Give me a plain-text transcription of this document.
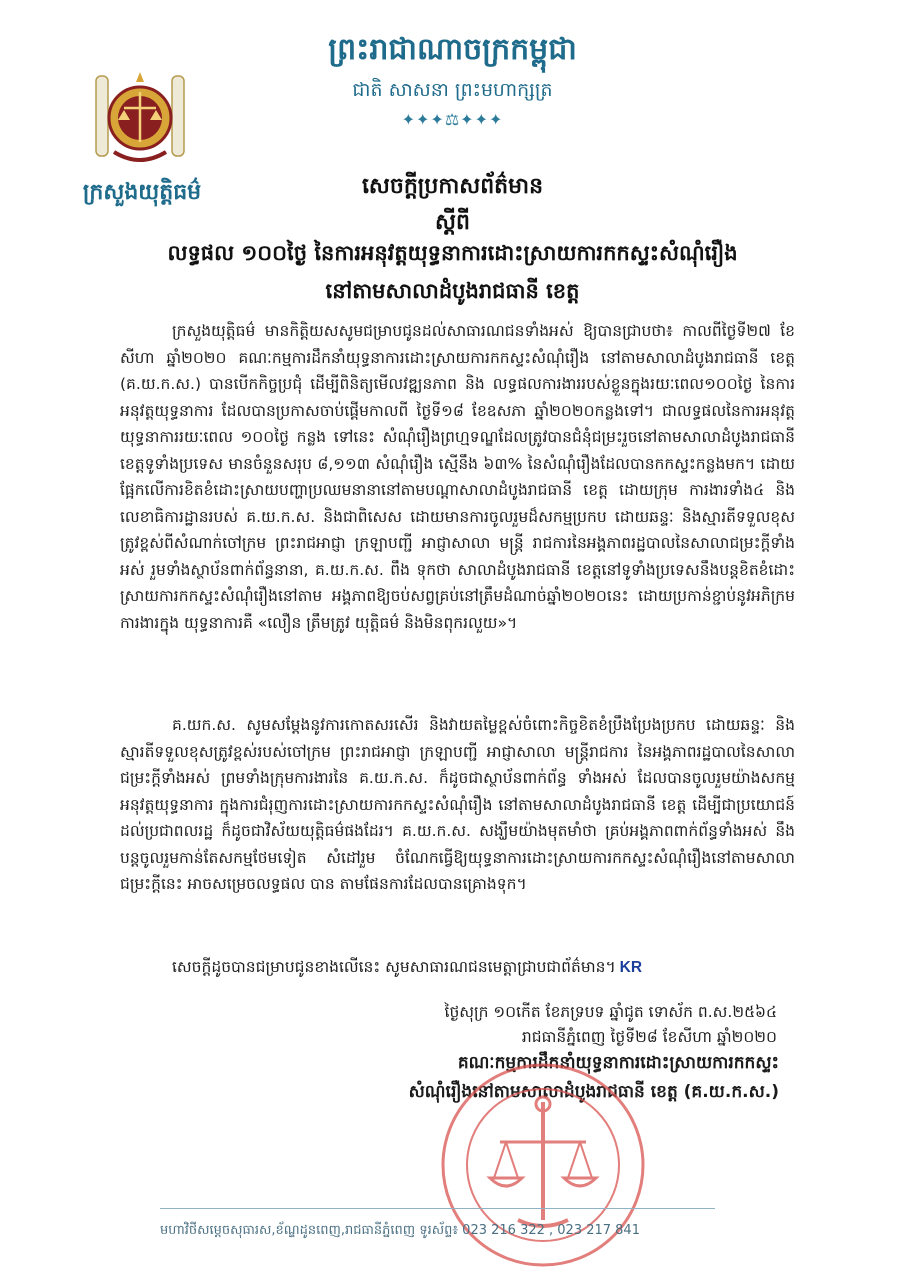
ព្រះរាជាណាចក្រកម្ពុជា
ជាតិ សាសនា ព្រះមហាក្សត្រ
✦✦✦⚖✦✦✦
ក្រសួងយុត្តិធម៌	សេចក្ដីប្រកាសព័ត៌មាន
ស្ដីពី
លទ្ធផល ១០០ថ្ងៃ នៃការអនុវត្តយុទ្ធនាការដោះស្រាយការកកស្ទះសំណុំរឿង
នៅតាមសាលាដំបូងរាជធានី ខេត្ត
ក្រសួងយុត្តិធម៌ មានកិត្តិយសសូមជម្រាបជូនដល់សាធារណជនទាំងអស់ ឱ្យបានជ្រាបថា៖ កាលពីថ្ងៃទី២៧ ខែសីហា ឆ្នាំ២០២០ គណៈកម្មការដឹកនាំយុទ្ធនាការដោះស្រាយការកកស្ទះសំណុំរឿង នៅតាមសាលាដំបូងរាជធានី ខេត្ត (គ.យ.ក.ស.) បានបើកកិច្ចប្រជុំ ដើម្បីពិនិត្យមើលវឌ្ឍនភាព និង លទ្ធផលការងាររបស់ខ្លួនក្នុងរយៈពេល១០០ថ្ងៃ នៃការអនុវត្តយុទ្ធនាការ ដែលបានប្រកាសចាប់ផ្ដើមកាលពី ថ្ងៃទី១៨ ខែឧសភា ឆ្នាំ២០២០កន្លងទៅ។ ជាលទ្ធផលនៃការអនុវត្តយុទ្ធនាការរយៈពេល ១០០ថ្ងៃ កន្លង ទៅនេះ សំណុំរឿងព្រហ្មទណ្ឌដែលត្រូវបានជំនុំជម្រះរួចនៅតាមសាលាដំបូងរាជធានី ខេត្តទូទាំងប្រទេស មានចំនួនសរុប ៨,១១៣ សំណុំរឿង ស្មើនឹង ៦៣% នៃសំណុំរឿងដែលបានកកស្ទះកន្លងមក។ ដោយ ផ្អែកលើការខិតខំដោះស្រាយបញ្ហាប្រឈមនានានៅតាមបណ្ដាសាលាដំបូងរាជធានី ខេត្ត ដោយក្រុម ការងារទាំង៤ និងលេខាធិការដ្ឋានរបស់ គ.យ.ក.ស. និងជាពិសេស ដោយមានការចូលរួមដ៏សកម្មប្រកប ដោយឆន្ទៈ និងស្មារតីទទួលខុសត្រូវខ្ពស់ពីសំណាក់ចៅក្រម ព្រះរាជអាជ្ញា ក្រឡាបញ្ជី អាជ្ញាសាលា មន្ត្រី រាជការនៃអង្គភាពរដ្ឋបាលនៃសាលាជម្រះក្ដីទាំងអស់ រួមទាំងស្ថាប័នពាក់ព័ន្ធនានា, គ.យ.ក.ស. ពឹង ទុកថា សាលាដំបូងរាជធានី ខេត្តនៅទូទាំងប្រទេសនឹងបន្តខិតខំដោះស្រាយការកកស្ទះសំណុំរឿងនៅតាម អង្គភាពឱ្យចប់សព្វគ្រប់នៅត្រឹមដំណាច់ឆ្នាំ២០២០នេះ ដោយប្រកាន់ខ្ជាប់នូវអភិក្រមការងារក្នុង យុទ្ធនាការគឺ «លឿន ត្រឹមត្រូវ យុត្តិធម៌ និងមិនពុករលួយ»។
គ.យក.ស. សូមសម្ដែងនូវការកោតសរសើរ និងវាយតម្លៃខ្ពស់ចំពោះកិច្ចខិតខំប្រឹងប្រែងប្រកប ដោយឆន្ទៈ និងស្មារតីទទួលខុសត្រូវខ្ពស់របស់ចៅក្រម ព្រះរាជអាជ្ញា ក្រឡាបញ្ជី អាជ្ញាសាលា មន្ត្រីរាជការ នៃអង្គភាពរដ្ឋបាលនៃសាលាជម្រះក្ដីទាំងអស់ ព្រមទាំងក្រុមការងារនៃ គ.យ.ក.ស. ក៏ដូចជាស្ថាប័នពាក់ព័ន្ធ ទាំងអស់ ដែលបានចូលរួមយ៉ាងសកម្មអនុវត្តយុទ្ធនាការ ក្នុងការជំរុញការដោះស្រាយការកកស្ទះសំណុំរឿង នៅតាមសាលាដំបូងរាជធានី ខេត្ត ដើម្បីជាប្រយោជន៍ដល់ប្រជាពលរដ្ឋ ក៏ដូចជាវិស័យយុត្តិធម៌ផងដែរ។ គ.យ.ក.ស. សង្ឃឹមយ៉ាងមុតមាំថា គ្រប់អង្គភាពពាក់ព័ន្ធទាំងអស់ នឹងបន្តចូលរួមកាន់តែសកម្មថែមទៀត សំដៅរួម ចំណែកធ្វើឱ្យយុទ្ធនាការដោះស្រាយការកកស្ទះសំណុំរឿងនៅតាមសាលាជម្រះក្ដីនេះ អាចសម្រេចលទ្ធផល បាន តាមផែនការដែលបានគ្រោងទុក។
សេចក្ដីដូចបានជម្រាបជូនខាងលើនេះ សូមសាធារណជនមេត្តាជ្រាបជាព័ត៌មាន។ KR
ថ្ងៃសុក្រ ១០កើត ខែភទ្របទ ឆ្នាំជូត ទោស័ក ព.ស.២៥៦៤
រាជធានីភ្នំពេញ ថ្ងៃទី២៨ ខែសីហា ឆ្នាំ២០២០
គណៈកម្មការដឹកនាំយុទ្ធនាការដោះស្រាយការកកស្ទះ
សំណុំរឿងនៅតាមសាលាដំបូងរាជធានី ខេត្ត (គ.យ.ក.ស.)
មហាវិថីសម្ដេចសុធារស,ខ័ណ្ឌដូនពេញ,រាជធានីភ្នំពេញ ទូរស័ព្ទ៖ 023 216 322 , 023 217 841
